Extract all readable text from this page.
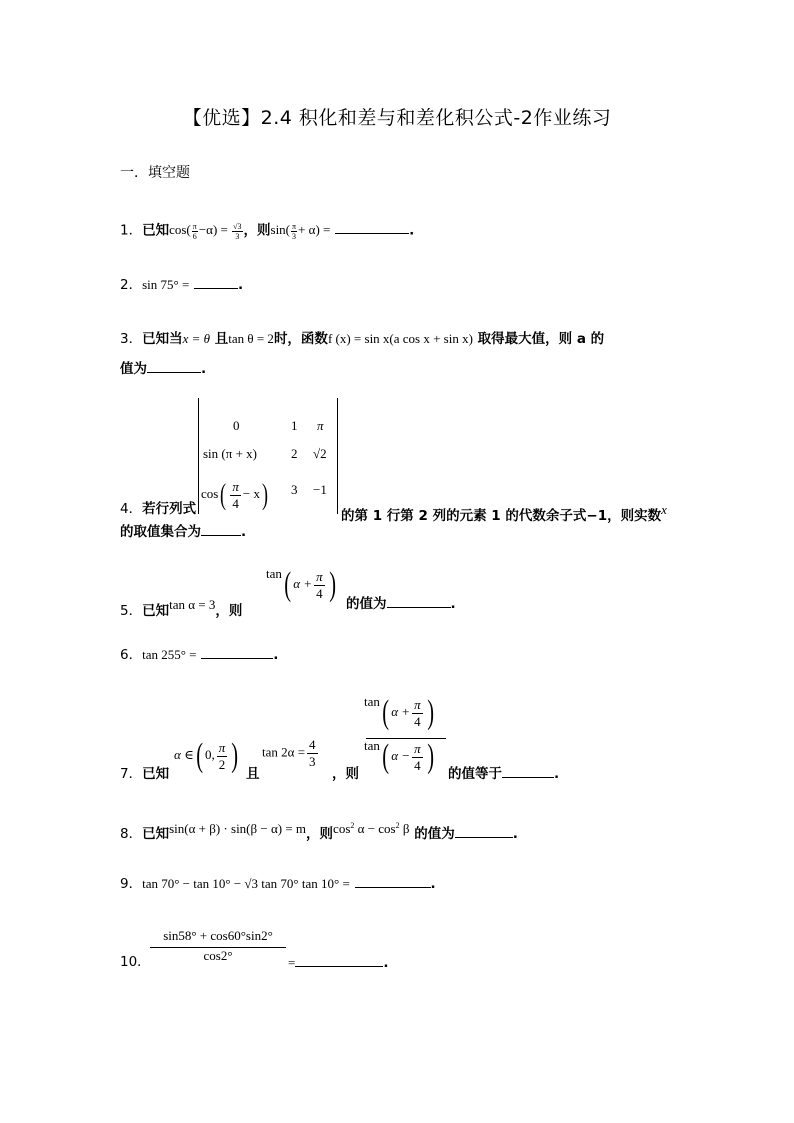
【优选】2.4 积化和差与和差化积公式-2作业练习
一．填空题
1．已知$\cos( \frac{\pi}{6} -\alpha) = \frac{√3}{3}$ ，则$\sin( \frac{\pi}{3} + \alpha)$ =	.
2．sin 75° =	.
3．已知当x = θ 且tan θ = 2时，函数f (x) = sin x(a cos x + sin x) 取得最大值，则 a 的
值为	.
0	1 π
sin (π + x)	2 √2
$\cos( \frac{\pi}{4} - x)$ 3 −1
4．若行列式	的第 1 行第 2 列的元素 1 的代数余子式−1，则实数x
的取值集合为	.
5．已知tan α = 3，则
tan( $\alpha + \frac{\pi}{4}$ )
的值为	.
6．tan 255° =	.
7．已知
α ∈( 0, $\frac{\pi}{2}$ ) 且
$\tan 2\alpha = \frac{4}{3}$
，则
tan( $\alpha + \frac{\pi}{4}$ )
tan( $\alpha - \frac{\pi}{4}$ ) 的值等于	.
8．已知sin(α + β) · sin(β − α) = m，则$\cos^2 \alpha - \cos^2 \beta$ 的值为	.
9．tan 70° − tan 10° − √3 tan 70° tan 10° =	.
10．
sin58° + cos60°sin2°
cos2°	=	.
